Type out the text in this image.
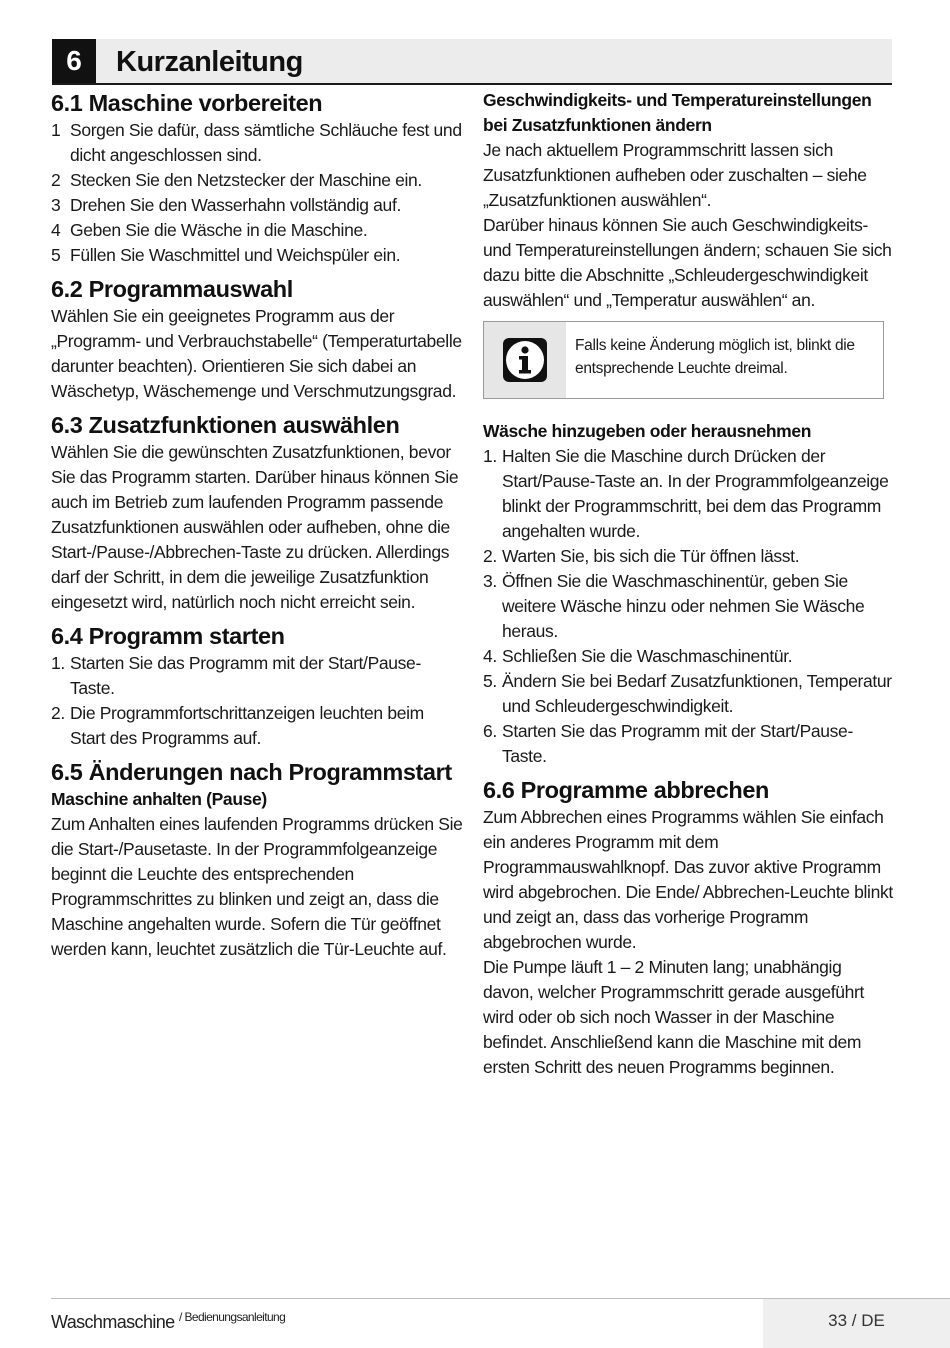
6	Kurzanleitung
6.1 Maschine vorbereiten
1 Sorgen Sie dafür, dass sämtliche Schläuche fest und dicht angeschlossen sind.
2 Stecken Sie den Netzstecker der Maschine ein.
3 Drehen Sie den Wasserhahn vollständig auf.
4 Geben Sie die Wäsche in die Maschine.
5 Füllen Sie Waschmittel und Weichspüler ein.
6.2 Programmauswahl

Wählen Sie ein geeignetes Programm aus der „Programm- und Verbrauchstabelle“ (Temperaturtabelle darunter beachten). Orientieren Sie sich dabei an Wäschetyp, Wäschemenge und Verschmutzungsgrad.

6.3 Zusatzfunktionen auswählen

Wählen Sie die gewünschten Zusatzfunktionen, bevor Sie das Programm starten. Darüber hinaus können Sie auch im Betrieb zum laufenden Programm passende Zusatzfunktionen auswählen oder aufheben, ohne die Start-/Pause-/Abbrechen-Taste zu drücken. Allerdings darf der Schritt, in dem die jeweilige Zusatzfunktion eingesetzt wird, natürlich noch nicht erreicht sein.

6.4 Programm starten
1. Starten Sie das Programm mit der Start/Pause-Taste.
2. Die Programmfortschrittanzeigen leuchten beim Start des Programms auf.
6.5 Änderungen nach Programmstart
Maschine anhalten (Pause)

Zum Anhalten eines laufenden Programms drücken Sie die Start-/Pausetaste. In der Programmfolgeanzeige beginnt die Leuchte des entsprechenden Programmschrittes zu blinken und zeigt an, dass die Maschine angehalten wurde. Sofern die Tür geöffnet werden kann, leuchtet zusätzlich die Tür-Leuchte auf.

Geschwindigkeits- und Temperatureinstellungen bei Zusatzfunktionen ändern

Je nach aktuellem Programmschritt lassen sich Zusatzfunktionen aufheben oder zuschalten – siehe „Zusatzfunktionen auswählen“.

Darüber hinaus können Sie auch Geschwindigkeits- und Temperatureinstellungen ändern; schauen Sie sich dazu bitte die Abschnitte „Schleudergeschwindigkeit auswählen“ und „Temperatur auswählen“ an.

Falls keine Änderung möglich ist, blinkt die entsprechende Leuchte dreimal.
Wäsche hinzugeben oder herausnehmen
1. Halten Sie die Maschine durch Drücken der Start/Pause-Taste an. In der Programmfolgeanzeige blinkt der Programmschritt, bei dem das Programm angehalten wurde.
2. Warten Sie, bis sich die Tür öffnen lässt.
3. Öffnen Sie die Waschmaschinentür, geben Sie weitere Wäsche hinzu oder nehmen Sie Wäsche heraus.
4. Schließen Sie die Waschmaschinentür.
5. Ändern Sie bei Bedarf Zusatzfunktionen, Temperatur und Schleudergeschwindigkeit.
6. Starten Sie das Programm mit der Start/Pause-Taste.
6.6 Programme abbrechen

Zum Abbrechen eines Programms wählen Sie einfach ein anderes Programm mit dem Programmauswahlknopf. Das zuvor aktive Programm wird abgebrochen. Die Ende/ Abbrechen-Leuchte blinkt und zeigt an, dass das vorherige Programm abgebrochen wurde.

Die Pumpe läuft 1 – 2 Minuten lang; unabhängig davon, welcher Programmschritt gerade ausgeführt wird oder ob sich noch Wasser in der Maschine befindet. Anschließend kann die Maschine mit dem ersten Schritt des neuen Programms beginnen.

Waschmaschine $^{/ Bedienungsanleitung}$	33 / DE
